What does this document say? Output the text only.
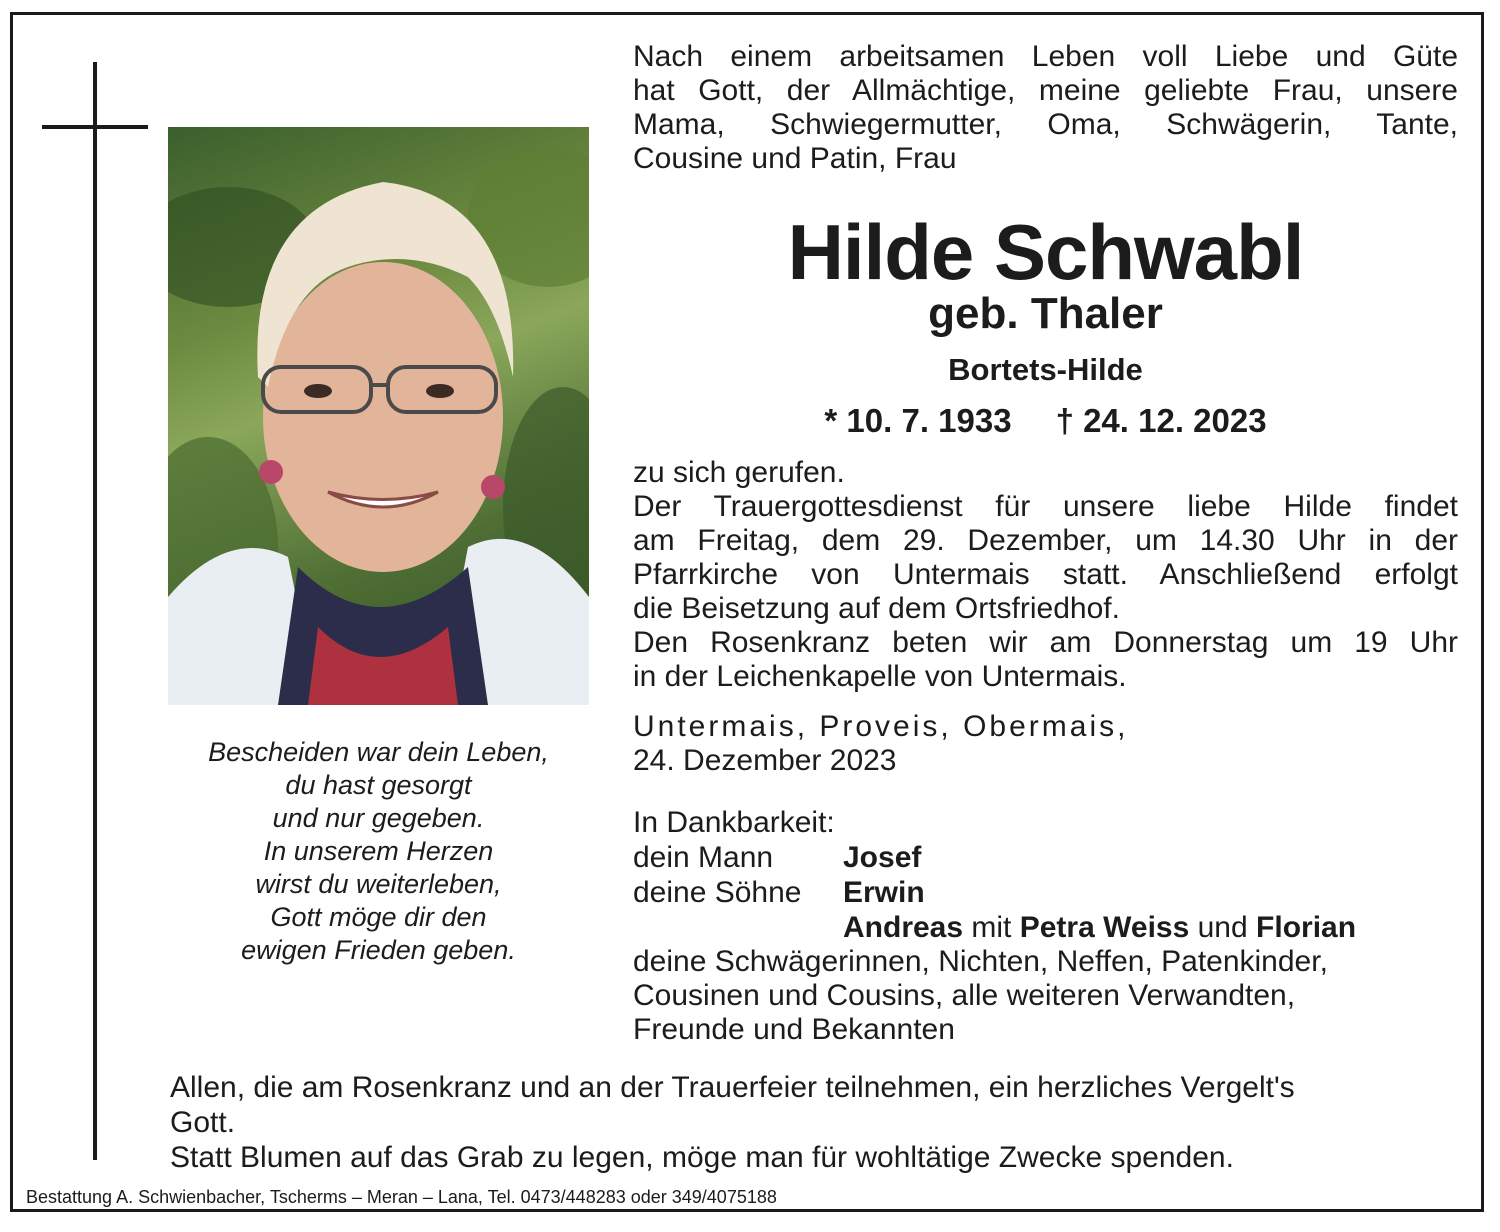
Bescheiden war dein Leben,
du hast gesorgt
und nur gegeben.
In unserem Herzen
wirst du weiterleben,
Gott möge dir den
ewigen Frieden geben.
Nach einem arbeitsamen Leben voll Liebe und Güte
hat Gott, der Allmächtige, meine geliebte Frau, unsere
Mama, Schwiegermutter, Oma, Schwägerin, Tante,
Cousine und Patin, Frau
Hilde Schwabl
geb. Thaler
Bortets-Hilde
* 10. 7. 1933 † 24. 12. 2023
zu sich gerufen.
Der Trauergottesdienst für unsere liebe Hilde findet
am Freitag, dem 29. Dezember, um 14.30 Uhr in der
Pfarrkirche von Untermais statt. Anschließend erfolgt
die Beisetzung auf dem Ortsfriedhof.
Den Rosenkranz beten wir am Donnerstag um 19 Uhr
in der Leichenkapelle von Untermais.
Untermais, Proveis, Obermais,
24. Dezember 2023
In Dankbarkeit:
dein Mann Josef
deine Söhne Erwin
Andreas mit Petra Weiss und Florian
deine Schwägerinnen, Nichten, Neffen, Patenkinder,
Cousinen und Cousins, alle weiteren Verwandten,
Freunde und Bekannten
Allen, die am Rosenkranz und an der Trauerfeier teilnehmen, ein herzliches Vergelt's
Gott.
Statt Blumen auf das Grab zu legen, möge man für wohltätige Zwecke spenden.
Bestattung A. Schwienbacher, Tscherms – Meran – Lana, Tel. 0473/448283 oder 349/4075188
